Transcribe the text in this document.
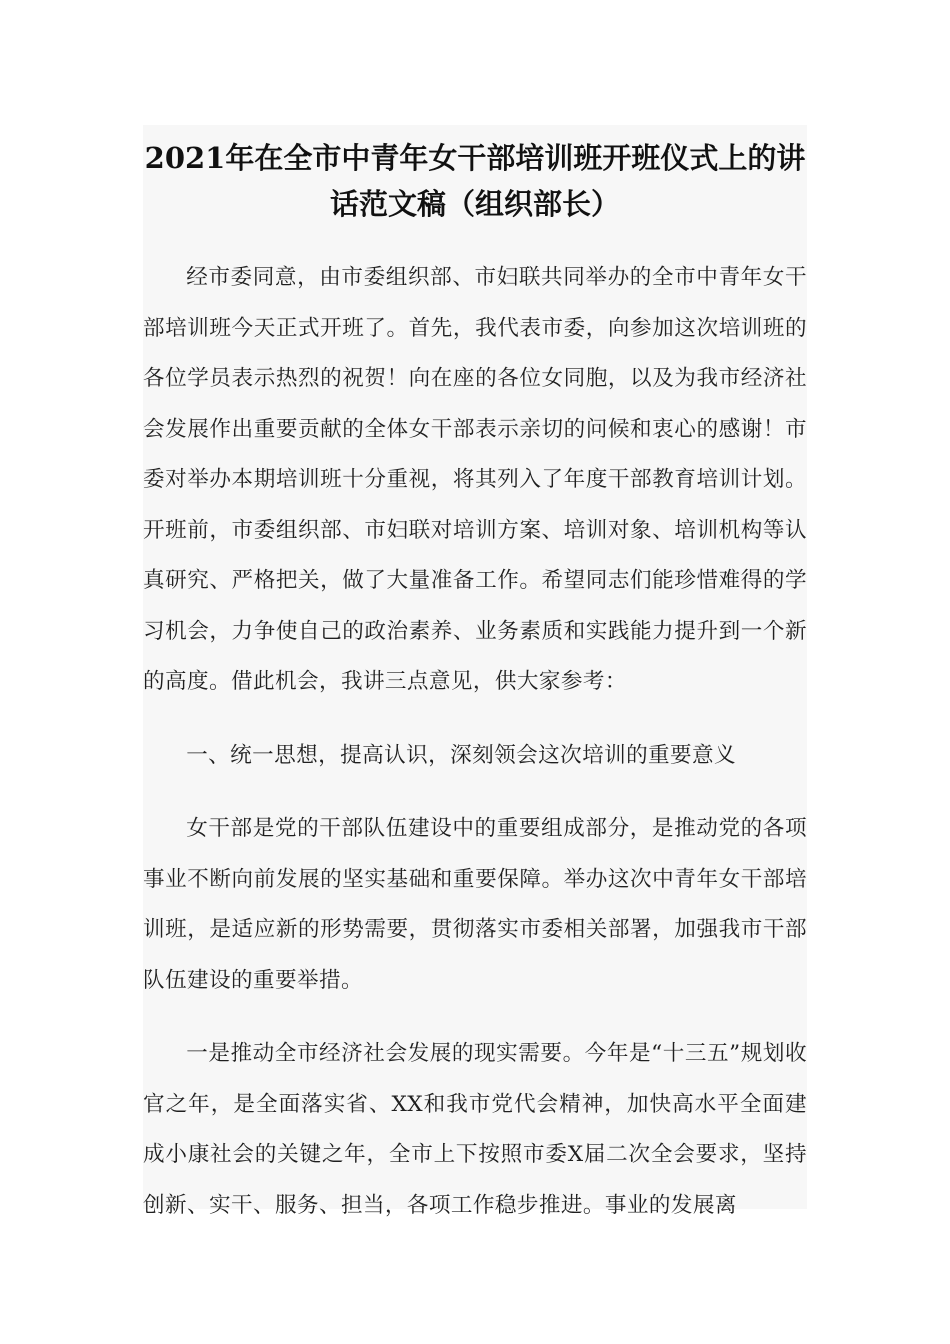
2021年在全市中青年女干部培训班开班仪式上的讲话范文稿（组织部长）

经市委同意，由市委组织部、市妇联共同举办的全市中青年女干部培训班今天正式开班了。首先，我代表市委，向参加这次培训班的各位学员表示热烈的祝贺！向在座的各位女同胞，以及为我市经济社会发展作出重要贡献的全体女干部表示亲切的问候和衷心的感谢！市委对举办本期培训班十分重视，将其列入了年度干部教育培训计划。开班前，市委组织部、市妇联对培训方案、培训对象、培训机构等认真研究、严格把关，做了大量准备工作。希望同志们能珍惜难得的学习机会，力争使自己的政治素养、业务素质和实践能力提升到一个新的高度。借此机会，我讲三点意见，供大家参考：

一、统一思想，提高认识，深刻领会这次培训的重要意义

女干部是党的干部队伍建设中的重要组成部分，是推动党的各项事业不断向前发展的坚实基础和重要保障。举办这次中青年女干部培训班，是适应新的形势需要，贯彻落实市委相关部署，加强我市干部队伍建设的重要举措。

一是推动全市经济社会发展的现实需要。今年是“十三五”规划收官之年，是全面落实省、XX和我市党代会精神，加快高水平全面建成小康社会的关键之年，全市上下按照市委X届二次全会要求，坚持创新、实干、服务、担当，各项工作稳步推进。事业的发展离
